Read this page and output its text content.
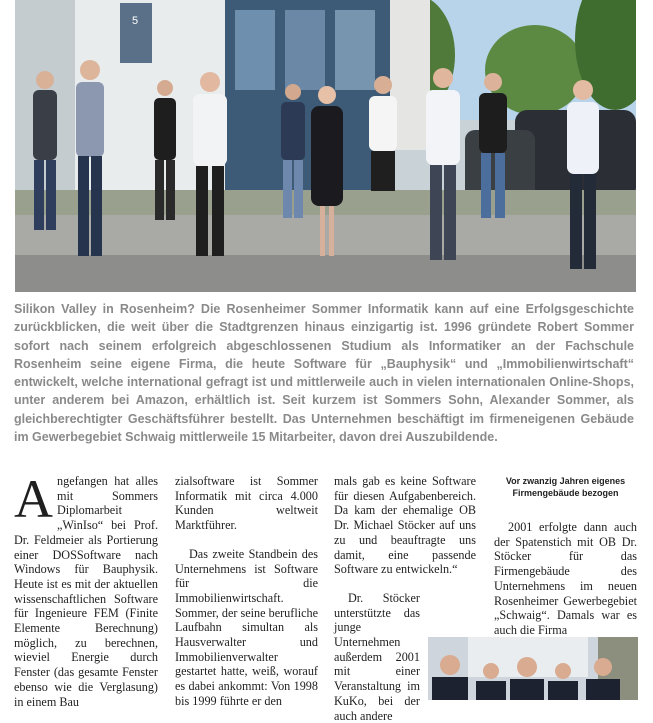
5

Silikon Valley in Rosenheim? Die Rosenheimer Sommer Informatik kann auf eine Erfolgsgeschichte zurückblicken, die weit über die Stadtgrenzen hinaus einzigartig ist. 1996 gründete Robert Sommer sofort nach seinem erfolgreich abgeschlossenen Studium als Informatiker an der Fachschule Rosenheim seine eigene Firma, die heute Software für „Bauphysik“ und „Immobilienwirtschaft“ entwickelt, welche international gefragt ist und mittlerweile auch in vielen internationalen Online-Shops, unter anderem bei Amazon, erhältlich ist. Seit kurzem ist Sommers Sohn, Alexander Sommer, als gleichberechtigter Geschäftsführer bestellt. Das Unternehmen beschäftigt im firmeneigenen Gebäude im Gewerbegebiet Schwaig mittlerweile 15 Mitarbeiter, davon drei Auszubildende.

Angefangen hat alles mit Sommers Diplomarbeit „WinIso“ bei Prof. Dr. Feldmeier als Portierung einer DOSSoftware nach Windows für Bauphysik. Heute ist es mit der aktuellen wissenschaftlichen Software für Ingenieure FEM (Finite Elemente Berechnung) möglich, zu berechnen, wieviel Energie durch Fenster (das gesamte Fenster ebenso wie die Verglasung) in einem Bau

zialsoftware ist Sommer Informatik mit circa 4.000 Kunden weltweit Marktführer.

Das zweite Standbein des Unternehmens ist Software für die Immobilienwirtschaft. Sommer, der seine berufliche Laufbahn simultan als Hausverwalter und Immobilienverwalter gestartet hatte, weiß, worauf es dabei ankommt: Von 1998 bis 1999 führte er den

mals gab es keine Software für diesen Aufgabenbereich. Da kam der ehemalige OB Dr. Michael Stöcker auf uns zu und beauftragte uns damit, eine passende Software zu entwickeln.“

Dr. Stöcker unterstützte das junge Unternehmen außerdem 2001 mit einer Veranstaltung im KuKo, bei der auch andere

Vor zwanzig Jahren eigenes Firmengebäude bezogen

2001 erfolgte dann auch der Spatenstich mit OB Dr. Stöcker für das Firmengebäude des Unternehmens im neuen Rosenheimer Gewerbegebiet „Schwaig“. Damals war es auch die Firma
